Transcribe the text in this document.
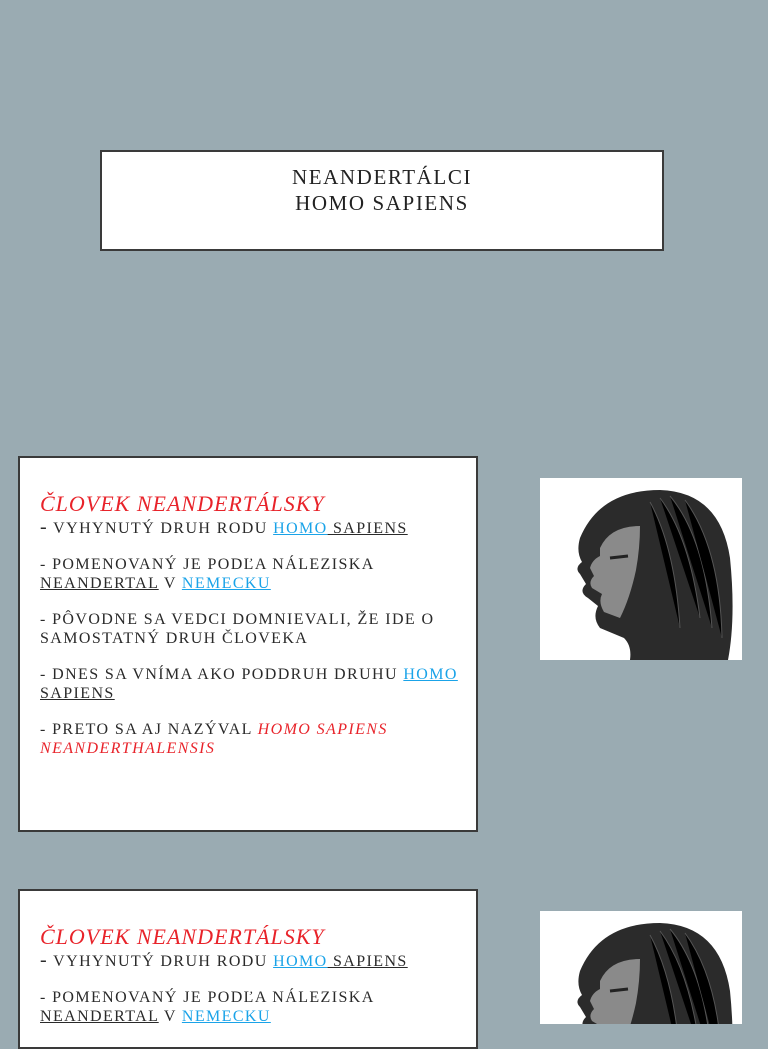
NEANDERTÁLCI
HOMO SAPIENS
ČLOVEK NEANDERTÁLSKY

- VYHYNUTÝ DRUH RODU HOMO SAPIENS

- POMENOVANÝ JE PODĽA NÁLEZISKA NEANDERTAL V NEMECKU

- PÔVODNE SA VEDCI DOMNIEVALI, ŽE IDE O SAMOSTATNÝ DRUH ČLOVEKA

- DNES SA VNÍMA AKO PODDRUH DRUHU HOMO SAPIENS

- PRETO SA AJ NAZÝVAL HOMO SAPIENS NEANDERTHALENSIS

ČLOVEK NEANDERTÁLSKY

- VYHYNUTÝ DRUH RODU HOMO SAPIENS

- POMENOVANÝ JE PODĽA NÁLEZISKA NEANDERTAL V NEMECKU
